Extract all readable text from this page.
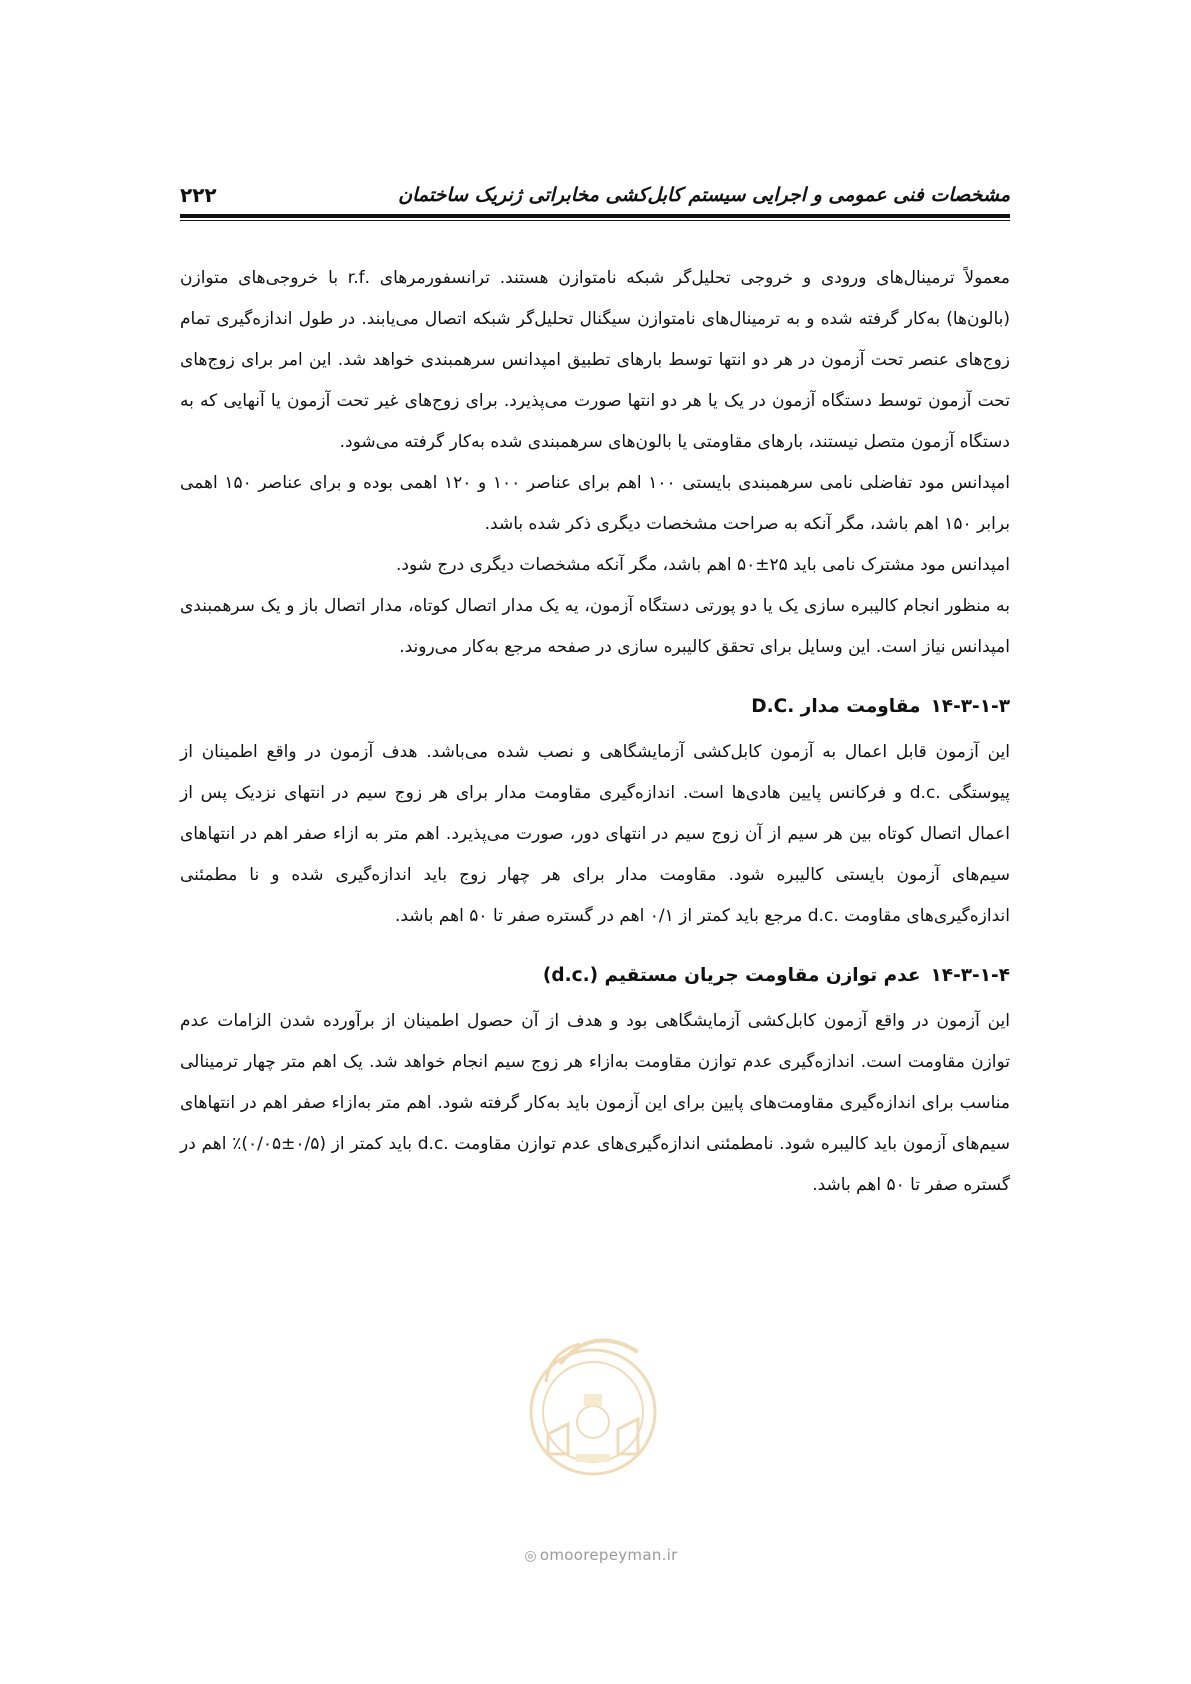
مشخصات فنی عمومی و اجرایی سیستم کابل‌کشی مخابراتی ژنریک ساختمان
۲۲۲

معمولاً ترمینال‌های ورودی و خروجی تحلیل‌گر شبکه نامتوازن هستند. ترانسفورمرهای .r.f با خروجی‌های متوازن (بالون‌ها) به‌کار گرفته شده و به ترمینال‌های نامتوازن سیگنال تحلیل‌گر شبکه اتصال می‌یابند. در طول اندازه‌گیری تمام زوج‌های عنصر تحت آزمون در هر دو انتها توسط بارهای تطبیق امپدانس سرهمبندی خواهد شد. این امر برای زوج‌های تحت آزمون توسط دستگاه آزمون در یک یا هر دو انتها صورت می‌پذیرد. برای زوج‌های غیر تحت آزمون یا آنهایی که به دستگاه آزمون متصل نیستند، بارهای مقاومتی یا بالون‌های سرهمبندی شده به‌کار گرفته می‌شود.

امپدانس مود تفاضلی نامی سرهمبندی بایستی ۱۰۰ اهم برای عناصر ۱۰۰ و ۱۲۰ اهمی بوده و برای عناصر ۱۵۰ اهمی برابر ۱۵۰ اهم باشد، مگر آنکه به صراحت مشخصات دیگری ذکر شده باشد.

امپدانس مود مشترک نامی باید ۲۵±۵۰ اهم باشد، مگر آنکه مشخصات دیگری درج شود.

به منظور انجام کالیبره سازی یک یا دو پورتی دستگاه آزمون، یه یک مدار اتصال کوتاه، مدار اتصال باز و یک سرهمبندی امپدانس نیاز است. این وسایل برای تحقق کالیبره سازی در صفحه مرجع به‌کار می‌روند.

۱۴-۳-۱-۳مقاومت مدار .D.C

این آزمون قابل اعمال به آزمون کابل‌کشی آزمایشگاهی و نصب شده می‌باشد. هدف آزمون در واقع اطمینان از پیوستگی .d.c و فرکانس پایین هادی‌ها است. اندازه‌گیری مقاومت مدار برای هر زوج سیم در انتهای نزدیک پس از اعمال اتصال کوتاه بین هر سیم از آن زوج سیم در انتهای دور، صورت می‌پذیرد. اهم متر به ازاء صفر اهم در انتهاهای سیم‌های آزمون بایستی کالیبره شود. مقاومت مدار برای هر چهار زوج باید اندازه‌گیری شده و نا مطمئنی اندازه‌گیری‌های مقاومت .d.c مرجع باید کمتر از ۰/۱ اهم در گستره صفر تا ۵۰ اهم باشد.

۱۴-۳-۱-۴عدم توازن مقاومت جریان مستقیم (.d.c)

این آزمون در واقع آزمون کابل‌کشی آزمایشگاهی بود و هدف از آن حصول اطمینان از برآورده شدن الزامات عدم توازن مقاومت است. اندازه‌گیری عدم توازن مقاومت به‌ازاء هر زوج سیم انجام خواهد شد. یک اهم متر چهار ترمینالی مناسب برای اندازه‌گیری مقاومت‌های پایین برای این آزمون باید به‌کار گرفته شود. اهم متر به‌ازاء صفر اهم در انتهاهای سیم‌های آزمون باید کالیبره شود. نامطمئنی اندازه‌گیری‌های عدم توازن مقاومت .d.c باید کمتر از (۰/۵±۰/۰۵)٪ اهم در گستره صفر تا ۵۰ اهم باشد.

◎ omoorepeyman.ir
